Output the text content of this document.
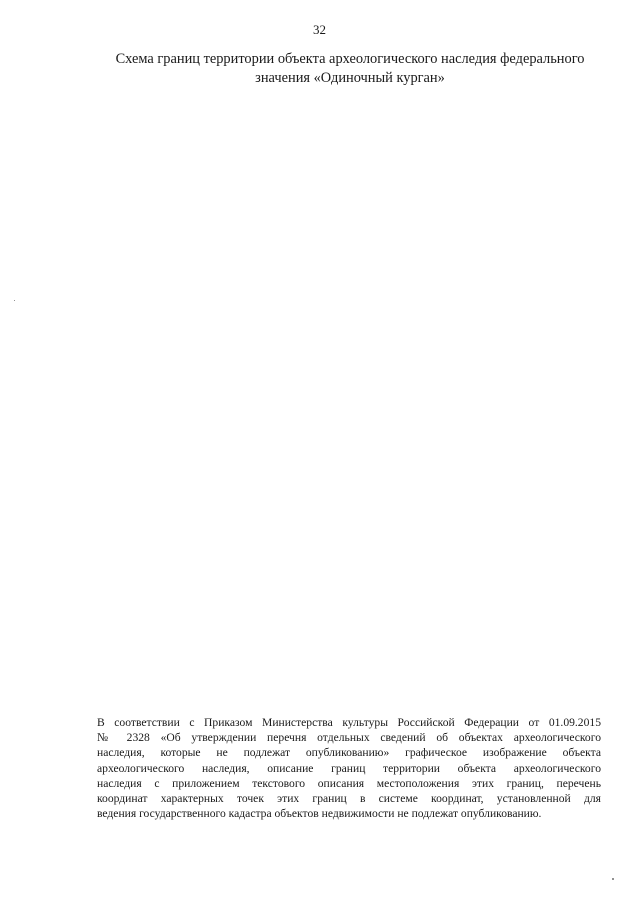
32
Схема границ территории объекта археологического наследия федерального
значения «Одиночный курган»
В соответствии с Приказом Министерства культуры Российской Федерации от 01.09.2015
№ 2328 «Об утверждении перечня отдельных сведений об объектах археологического
наследия, которые не подлежат опубликованию» графическое изображение объекта
археологического наследия, описание границ территории объекта археологического
наследия с приложением текстового описания местоположения этих границ, перечень
координат характерных точек этих границ в системе координат, установленной для
ведения государственного кадастра объектов недвижимости не подлежат опубликованию.
